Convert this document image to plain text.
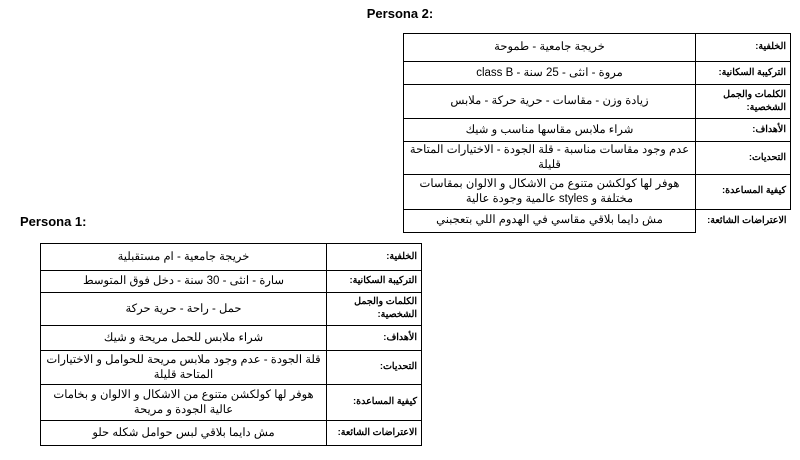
Persona 2:
الخلفية:	خريجة جامعية - طموحة
التركيبة السكانية:	مروة - انثى - 25 سنة - class B
الكلمات والجمل الشخصية:	زيادة وزن - مقاسات - حرية حركة - ملابس
الأهداف:	شراء ملابس مقاسها مناسب و شيك
التحديات:	عدم وجود مقاسات مناسبة - قلة الجودة - الاختيارات المتاحة قليلة
كيفية المساعدة:	هوفر لها كولكشن متنوع من الاشكال و الالوان بمقاسات مختلفة و styles عالمية وجودة عالية
الاعتراضات الشائعة:	مش دايما بلاقي مقاسي في الهدوم اللي بتعجبني
Persona 1:
الخلفية:	خريجة جامعية - ام مستقبلية
التركيبة السكانية:	سارة - انثى - 30 سنة - دخل فوق المتوسط
الكلمات والجمل الشخصية:	حمل - راحة - حرية حركة
الأهداف:	شراء ملابس للحمل مريحة و شيك
التحديات:	قلة الجودة - عدم وجود ملابس مريحة للحوامل و الاختيارات المتاحة قليلة
كيفية المساعدة:	هوفر لها كولكشن متنوع من الاشكال و الالوان و بخامات عالية الجودة و مريحة
الاعتراضات الشائعة:	مش دايما بلاقي لبس حوامل شكله حلو
